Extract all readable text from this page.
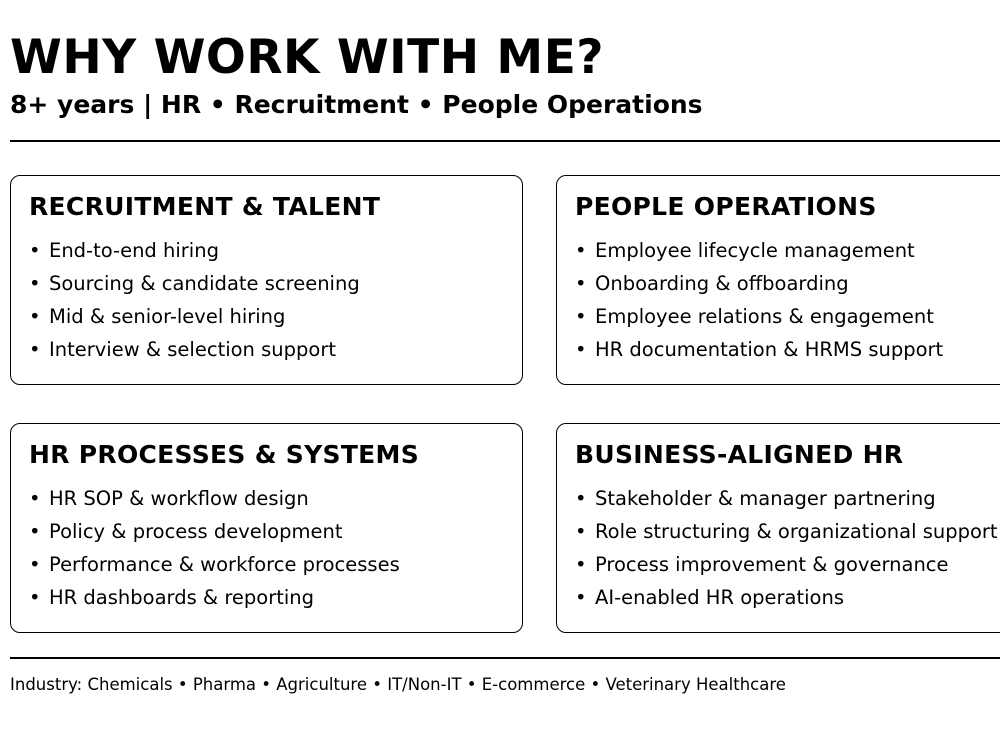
WHY WORK WITH ME?
8+ years | HR • Recruitment • People Operations
RECRUITMENT & TALENT
• End-to-end hiring
• Sourcing & candidate screening
• Mid & senior-level hiring
• Interview & selection support
PEOPLE OPERATIONS
• Employee lifecycle management
• Onboarding & offboarding
• Employee relations & engagement
• HR documentation & HRMS support
HR PROCESSES & SYSTEMS
• HR SOP & workflow design
• Policy & process development
• Performance & workforce processes
• HR dashboards & reporting
BUSINESS-ALIGNED HR
• Stakeholder & manager partnering
• Role structuring & organizational support
• Process improvement & governance
• AI-enabled HR operations
Industry: Chemicals • Pharma • Agriculture • IT/Non-IT • E-commerce • Veterinary Healthcare
